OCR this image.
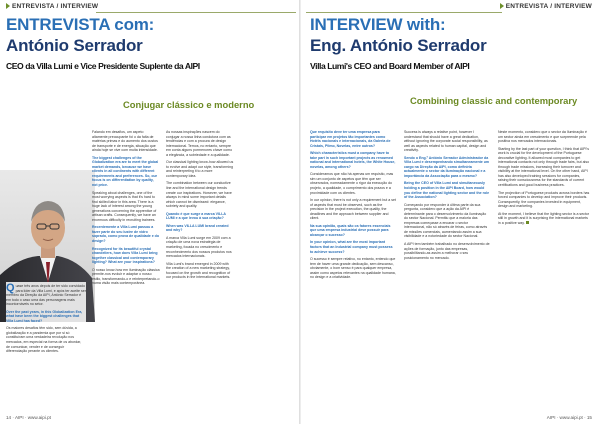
ENTREVISTA / INTERVIEW
ENTREVISTA com:
António Serrador
CEO da Villa Lumi e Vice Presidente Suplente da AIPI

Q uase três anos depois de ter sido convidado para líder da Villa Lumi, e após ter aceite ser membro da Direção da AIPI, António Serrador é em todo o caso uma das personagens mais incontornáveis no setor.

Over the past years, in this Globalization Era, what have been the biggest challenges that Villa Lumi has faced?

Os maiores desafios têm sido, sem dúvida, a globalização e a pandemia que por si só constituíram uma verdadeira revolução nos mercados, em especial na forma de os abordar, de comunicar, vender e de conseguir diferenciação perante os clientes.

Conjugar clássico e moderno

Falando em desafios, um aspeto altamente preocupante foi o da falta de matérias primas e do aumento dos custos de transporte e de energia, situação que ainda hoje se vive com muita intensidade.

The biggest challenges of the Globalization era are to meet the global market demands, because we have clients in all continents with different requirements and preferences. So, our focus is on differentiation by quality, not price.

Speaking about challenges, one of the most worrying aspects is that it's hard to find skilled labor in this area. There is a huge lack of interest among the young generations concerning the apprentice of artisan crafts. Consequently, we have an enormous difficulty in recruiting trainees.

Recentemente a Villa Lumi passou a fazer parte do seu lustre de vidro soprado, como prova de qualidade e do design?

Recognized for its beautiful crystal chandeliers, how does Villa Lumi bring together classical and contemporary lighting? What are your inspirations?

O nosso know-how em iluminação clássica permite-nos evoluir e adaptar o nosso estilo, transformando-o e reinterpretando-o numa visão mais contemporânea.

As nossas inspirações nascem do conjugar a nossa linha condutora com as tendências e com a procura de design internacional. Temos, no entanto, sempre em conta alguns pormenores chave como a elegância, a sobriedade e a qualidade.

Our classical lighting know-how allowed us to evolve and adapt our style, transforming and reinterpreting it to a more contemporary idea.

The combination between our conductive line and the international design trends create our inspirations. However, we have always in mind some important details which cannot be dismissed: elegance, sobriety and quality.

Quando é que surge a marca VILLA LUMI e a que levou à sua criação?

When was VILLA LUMI brand created and why?

A marca Villa Lumi surge em 2009 com a criação de uma nova estratégia de marketing, focada no crescimento e reconhecimento dos nossos produtos nos mercados internacionais.

Villa Lumi's brand emerged in 2009 with the creation of a new marketing strategy, focused on the growth and recognition of our products in the international markets.

14 · AIPI · www.aipi.pt
ENTREVISTA / INTERVIEW
INTERVIEW with:
Eng. António Serrador
Villa Lumi's CEO and Board Member of AIPI
Combining classic and contemporary

Que requisito deve ter uma empresa para participar em projetos tão importantes como Hotéis nacionais e internacionais, da Galeria de Cristais, Plimo, Novelas, entre outros?

Which characteristics must a company have to take part in such important projects as renowned national and international hotels, the White House, novelas, among others?

Consideramos que não há apenas um requisito, mas sim um conjunto de aspetos que têm que ser observados, nomeadamente o rigor da execução do projeto, a qualidade, o cumprimento dos prazos e a proximidade com os clientes.

In our opinion, there is not only a requirement but a set of aspects that must be observed, such as the precision in the project execution, the quality, the deadlines and the approach between supplier and client.

Na sua opinião, quais são os fatores essenciais que uma empresa industrial deve possuir para alcançar o sucesso?

In your opinion, what are the most important factors that an Industrial company must possess to achieve success?

O sucesso é sempre relativo, no entanto, entendo que tem de haver uma grande dedicação, sem descanso, obviamente, o bom senso é para qualquer empresa, assim como aspetos relevantes na qualidade humana, no design e a criatividade.

Success is always a relative point, however I understand that should have a great dedication, without ignoring the corporate social responsibility, as well as aspects related to human capital, design and creativity.

Sendo o Eng.º António Serrador Administrador da Villa Lumi e desempenhando simultaneamente um cargo na Direção da AIPI, como definiria actualmente o sector da Iluminação nacional e a importância da Associação para o mesmo?

Being the CEO of Villa Lumi and simultaneously holding a position in the AIPI Board, how would you define the national lighting sector and the role of the Association?

Começando por responder à última parte da sua pergunta, considero que a ação da AIPI é determinante para o desenvolvimento da iluminação do sector Nacional. Permitiu que a maioria das empresas começasse a encarar o sector internacional, não só através de feiras, como através de missões comerciais, aumentando assim a sua visibilidade e a notoriedade do sector Nacional.

A AIPI tem também trabalhado no desenvolvimento de ações de formação, junto das empresas, possibilitando-as assim a melhorar o seu posicionamento no mercado.

Neste momento, considero que o sector da Iluminação é um sector ainda em crescimento e que surpreende pela positiva nos mercados internacionais.

Starting by the last part of your question, I think that AIPI's work is crucial for the development of the Portuguese decorative lighting. It allowed most companies to get international contacts not only through trade fairs, but also through trade missions, increasing their turnover and visibility at the international level. On the other hand, AIPI has also developed training sessions for companies, raising their consciousness for the standards of current certifications and good business practices.

The projection of Portuguese products across borders has forced companies to develop and improve their products. Consequently, the companies invested in equipment, design and marketing.

At the moment, I believe that the lighting sector is a sector still in growth and it is surprising the international markets in a positive way.

AIPI · www.aipi.pt · 15
